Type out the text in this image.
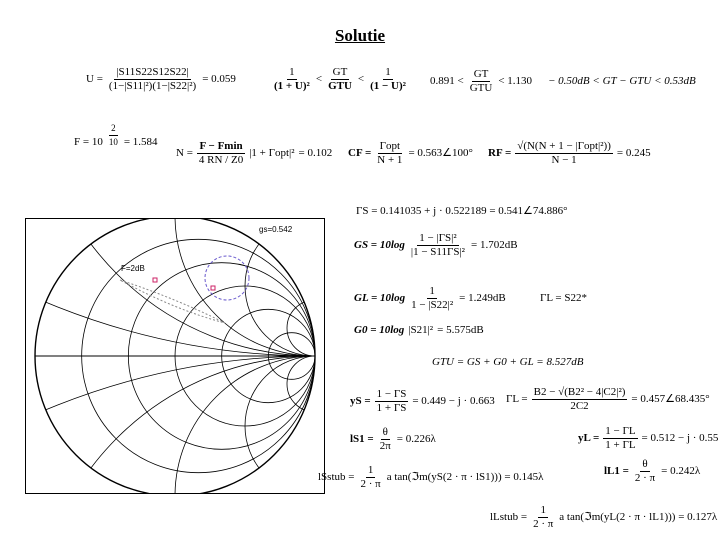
Solutie
$U = \frac{|S11S22S12S22|}{\text{(1−|S11|²)(1−|S22|²)}} = 0.059$	$\frac{1}{\text{(1 + U)²}} < \frac{GT}{\text{GTU}} < \frac{1}{\text{(1 − U)²}} 0.891 < \frac{GT}{\text{GTU}} < 1.130 - 0.50dB$ < GT − GTU < 0.53dB
$F = 10 \frac{2}{10} = 1.584$
$N = \frac{F - Fmin}{4 RN / Z0} |1 + \Gamma opt|^2 = 0.102$ CF = $\frac{\text{Γopt}}{N + 1}$ = 0.563∠100° RF = $\frac{\text{√(N(N + 1 − |Γopt|²))}}{N - 1} = 0.245$
gs=0.542
F=2dB
ΓS = 0.141035 + j · 0.522189 = 0.541∠74.886°
GS = $10\log \frac{\text{1 − |ΓS|²}}{\text{|1 − S11ΓS|²}} = 1.702dB$
GL = $10\log \frac{1}{\text{1 − |S22|²}} = 1.249dB$	ΓL = S22*
G0 = 10log |S21|² = 5.575dB
GTU = GS + G0 + GL = 8.527dB
yS = $\frac{1 - \Gamma S}{1 + \Gamma S} = 0.449 - j \cdot 0.663$ $\Gamma L = \frac{\text{B2 − √(B2² − 4|C2|²)}}{2C2}$ = 0.457∠68.435°
$lS1 = \frac{\theta}{2\pi} = 0.226\lambda$	yL = $\frac{1 - \Gamma L}{1 + \Gamma L} = 0.512 - j \cdot 0.55$
lSstub = $\frac{1}{2 \cdot \pi}$ a tan(ℑm(yS(2 · π · lS1))) = 0.145λ	$lL1 = \frac{\theta}{2 \cdot \pi} = 0.242\lambda$
lLstub = $\frac{1}{2 \cdot \pi}$ a tan(ℑm(yL(2 · π · lL1))) = 0.127λ
